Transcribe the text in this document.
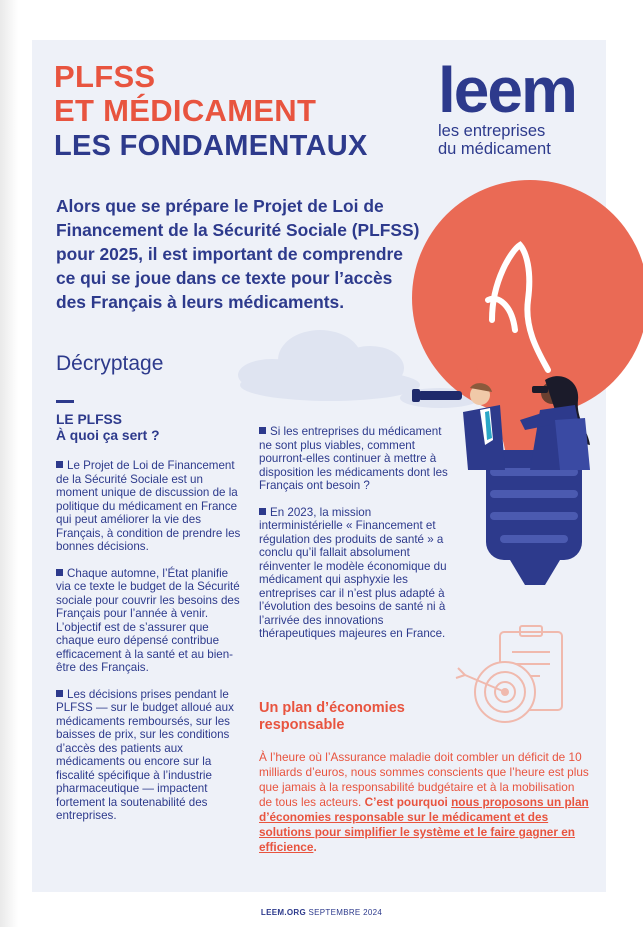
PLFSS
ET MÉDICAMENT
LES FONDAMENTAUX
leem
les entreprises
du médicament

Alors que se prépare le Projet de Loi de Financement de la Sécurité Sociale (PLFSS) pour 2025, il est important de comprendre ce qui se joue dans ce texte pour l’accès des Français à leurs médicaments.

Décryptage
LE PLFSS
À quoi ça sert ?

Le Projet de Loi de Financement de la Sécurité Sociale est un moment unique de discussion de la politique du médicament en France qui peut améliorer la vie des Français, à condition de prendre les bonnes décisions.

Chaque automne, l’État planifie via ce texte le budget de la Sécurité sociale pour couvrir les besoins des Français pour l’année à venir. L’objectif est de s’assurer que chaque euro dépensé contribue efficacement à la santé et au bien-être des Français.

Les décisions prises pendant le PLFSS — sur le budget alloué aux médicaments remboursés, sur les baisses de prix, sur les conditions d’accès des patients aux médicaments ou encore sur la fiscalité spécifique à l’industrie pharmaceutique — impactent fortement la soutenabilité des entreprises.

Si les entreprises du médicament ne sont plus viables, comment pourront-elles continuer à mettre à disposition les médicaments dont les Français ont besoin ?

En 2023, la mission interministérielle « Financement et régulation des produits de santé » a conclu qu’il fallait absolument réinventer le modèle économique du médicament qui asphyxie les entreprises car il n’est plus adapté à l’évolution des besoins de santé ni à l’arrivée des innovations thérapeutiques majeures en France.

Un plan d’économies
responsable

À l’heure où l’Assurance maladie doit combler un déficit de 10 milliards d’euros, nous sommes conscients que l’heure est plus que jamais à la responsabilité budgétaire et à la mobilisation de tous les acteurs. C’est pourquoi nous proposons un plan d’économies responsable sur le médicament et des solutions pour simplifier le système et le faire gagner en efficience.

LEEM.ORG SEPTEMBRE 2024
